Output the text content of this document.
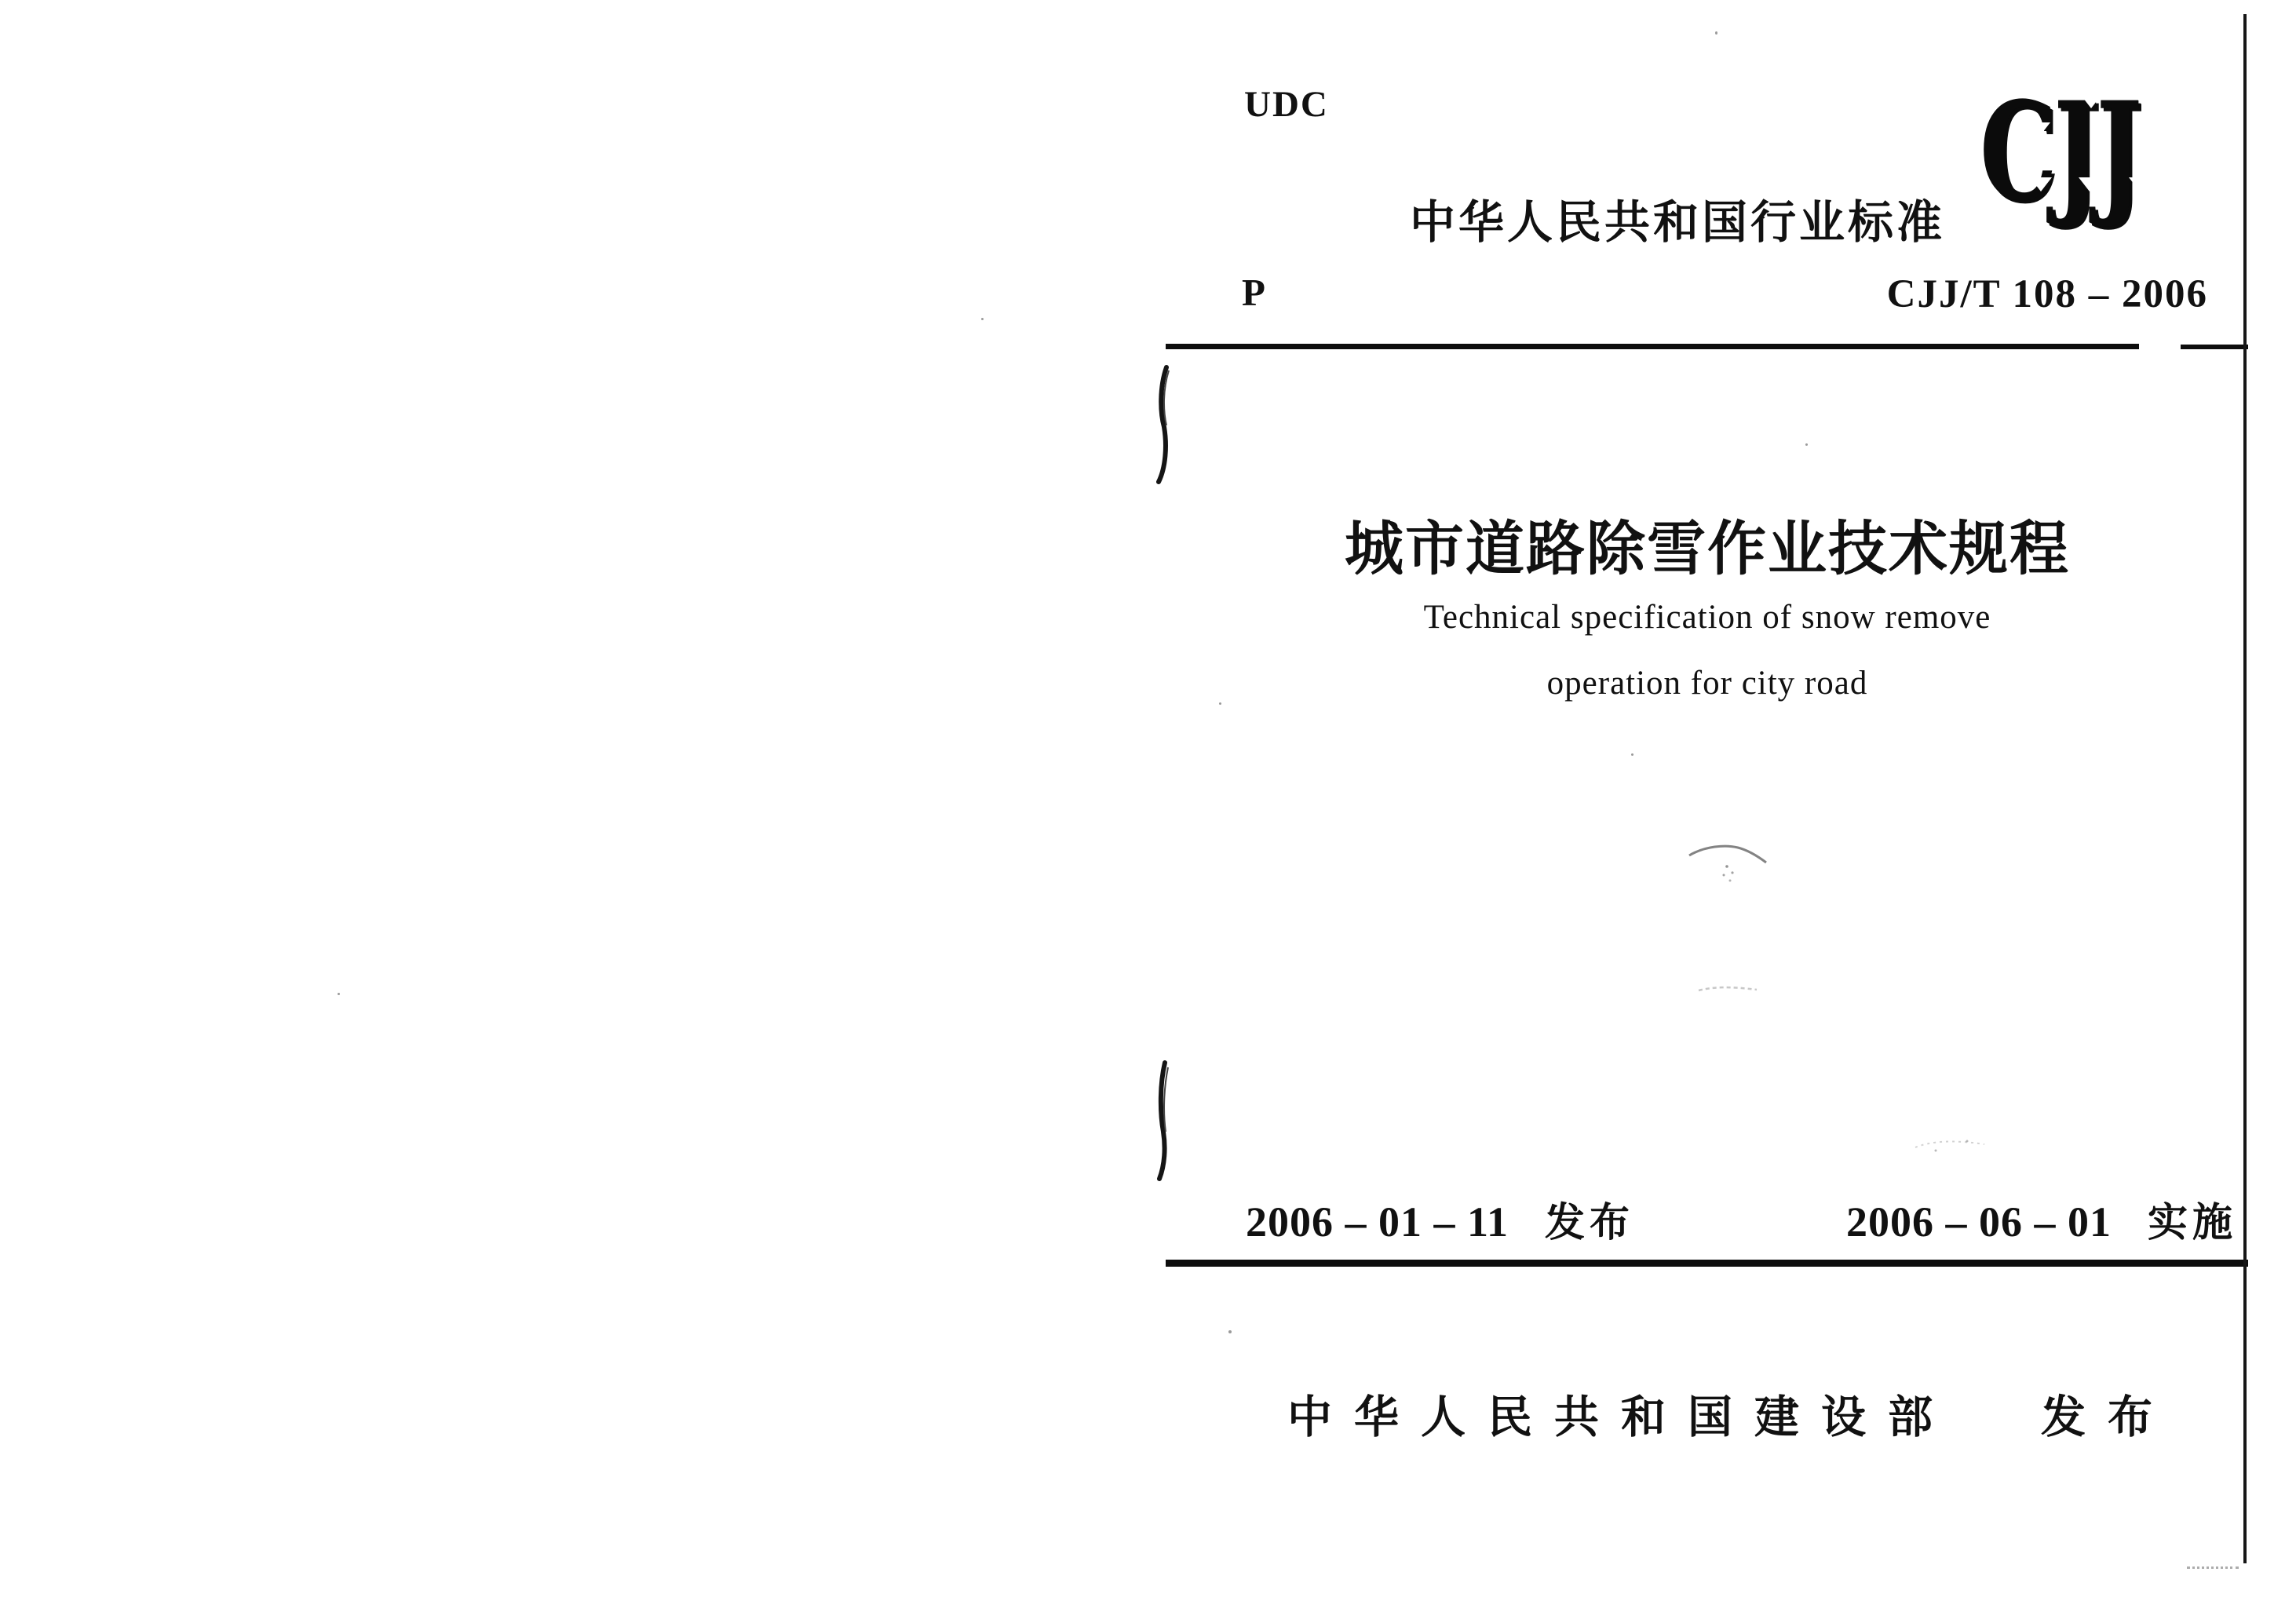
UDC
中华人民共和国行业标准 CJJ
P	CJJ/T 108 – 2006
城市道路除雪作业技术规程
Technical specification of snow remove
operation for city road
2006 – 01 – 11 发布	2006 – 06 – 01 实施
中华人民共和国建设部 发布
